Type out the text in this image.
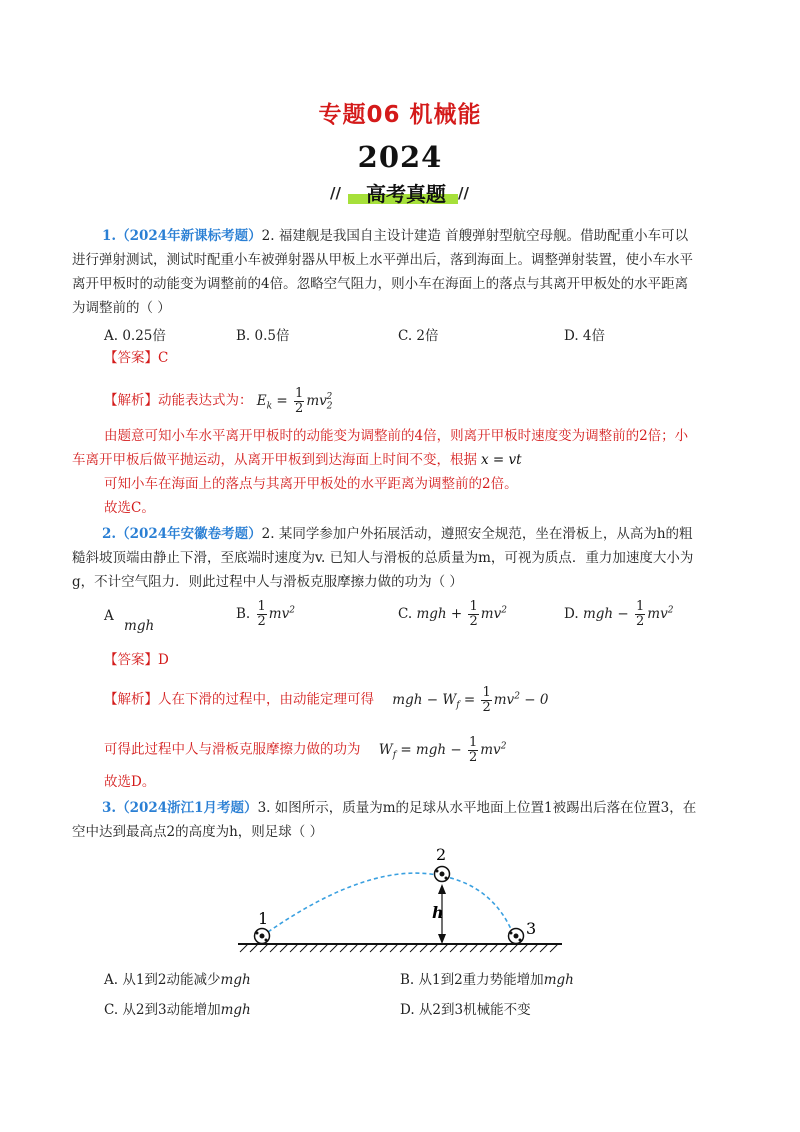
专题06 机械能
2024
//	高考真题 //
1.（2024年新课标考题）2. 福建舰是我国自主设计建造 首艘弹射型航空母舰。借助配重小车可以
进行弹射测试，测试时配重小车被弹射器从甲板上水平弹出后，落到海面上。调整弹射装置，使小车水平
离开甲板时的动能变为调整前的4倍。忽略空气阻力，则小车在海面上的落点与其离开甲板处的水平距离
为调整前的（ ）
A. 0.25倍	B. 0.5倍	C. 2倍	D. 4倍
【答案】C
【解析】动能表达式为： $E_k = \frac{1}{2} mv_2^2$
由题意可知小车水平离开甲板时的动能变为调整前的4倍，则离开甲板时速度变为调整前的2倍；小
车离开甲板后做平抛运动，从离开甲板到到达海面上时间不变，根据 x = vt
可知小车在海面上的落点与其离开甲板处的水平距离为调整前的2倍。
故选C。
2.（2024年安徽卷考题）2. 某同学参加户外拓展活动，遵照安全规范，坐在滑板上，从高为h的粗
糙斜坡顶端由静止下滑，至底端时速度为v. 已知人与滑板的总质量为m，可视为质点．重力加速度大小为
g，不计空气阻力．则此过程中人与滑板克服摩擦力做的功为（ ）
A mgh
B. $\frac{1}{2} mv^2$	C. mgh + $\frac{1}{2} mv^2$	D. mgh − $\frac{1}{2} mv^2$
【答案】D
【解析】人在下滑的过程中，由动能定理可得 mgh − $W_f = \frac{1}{2} mv^2 - 0$
可得此过程中人与滑板克服摩擦力做的功为 $W_f$ = mgh − $\frac{1}{2} mv^2$
故选D。
3.（2024浙江1月考题）3. 如图所示，质量为m的足球从水平地面上位置1被踢出后落在位置3，在
空中达到最高点2的高度为h，则足球（ ）
1
2
3
h
A. 从1到2动能减少mgh	B. 从1到2重力势能增加mgh
C. 从2到3动能增加mgh	D. 从2到3机械能不变
